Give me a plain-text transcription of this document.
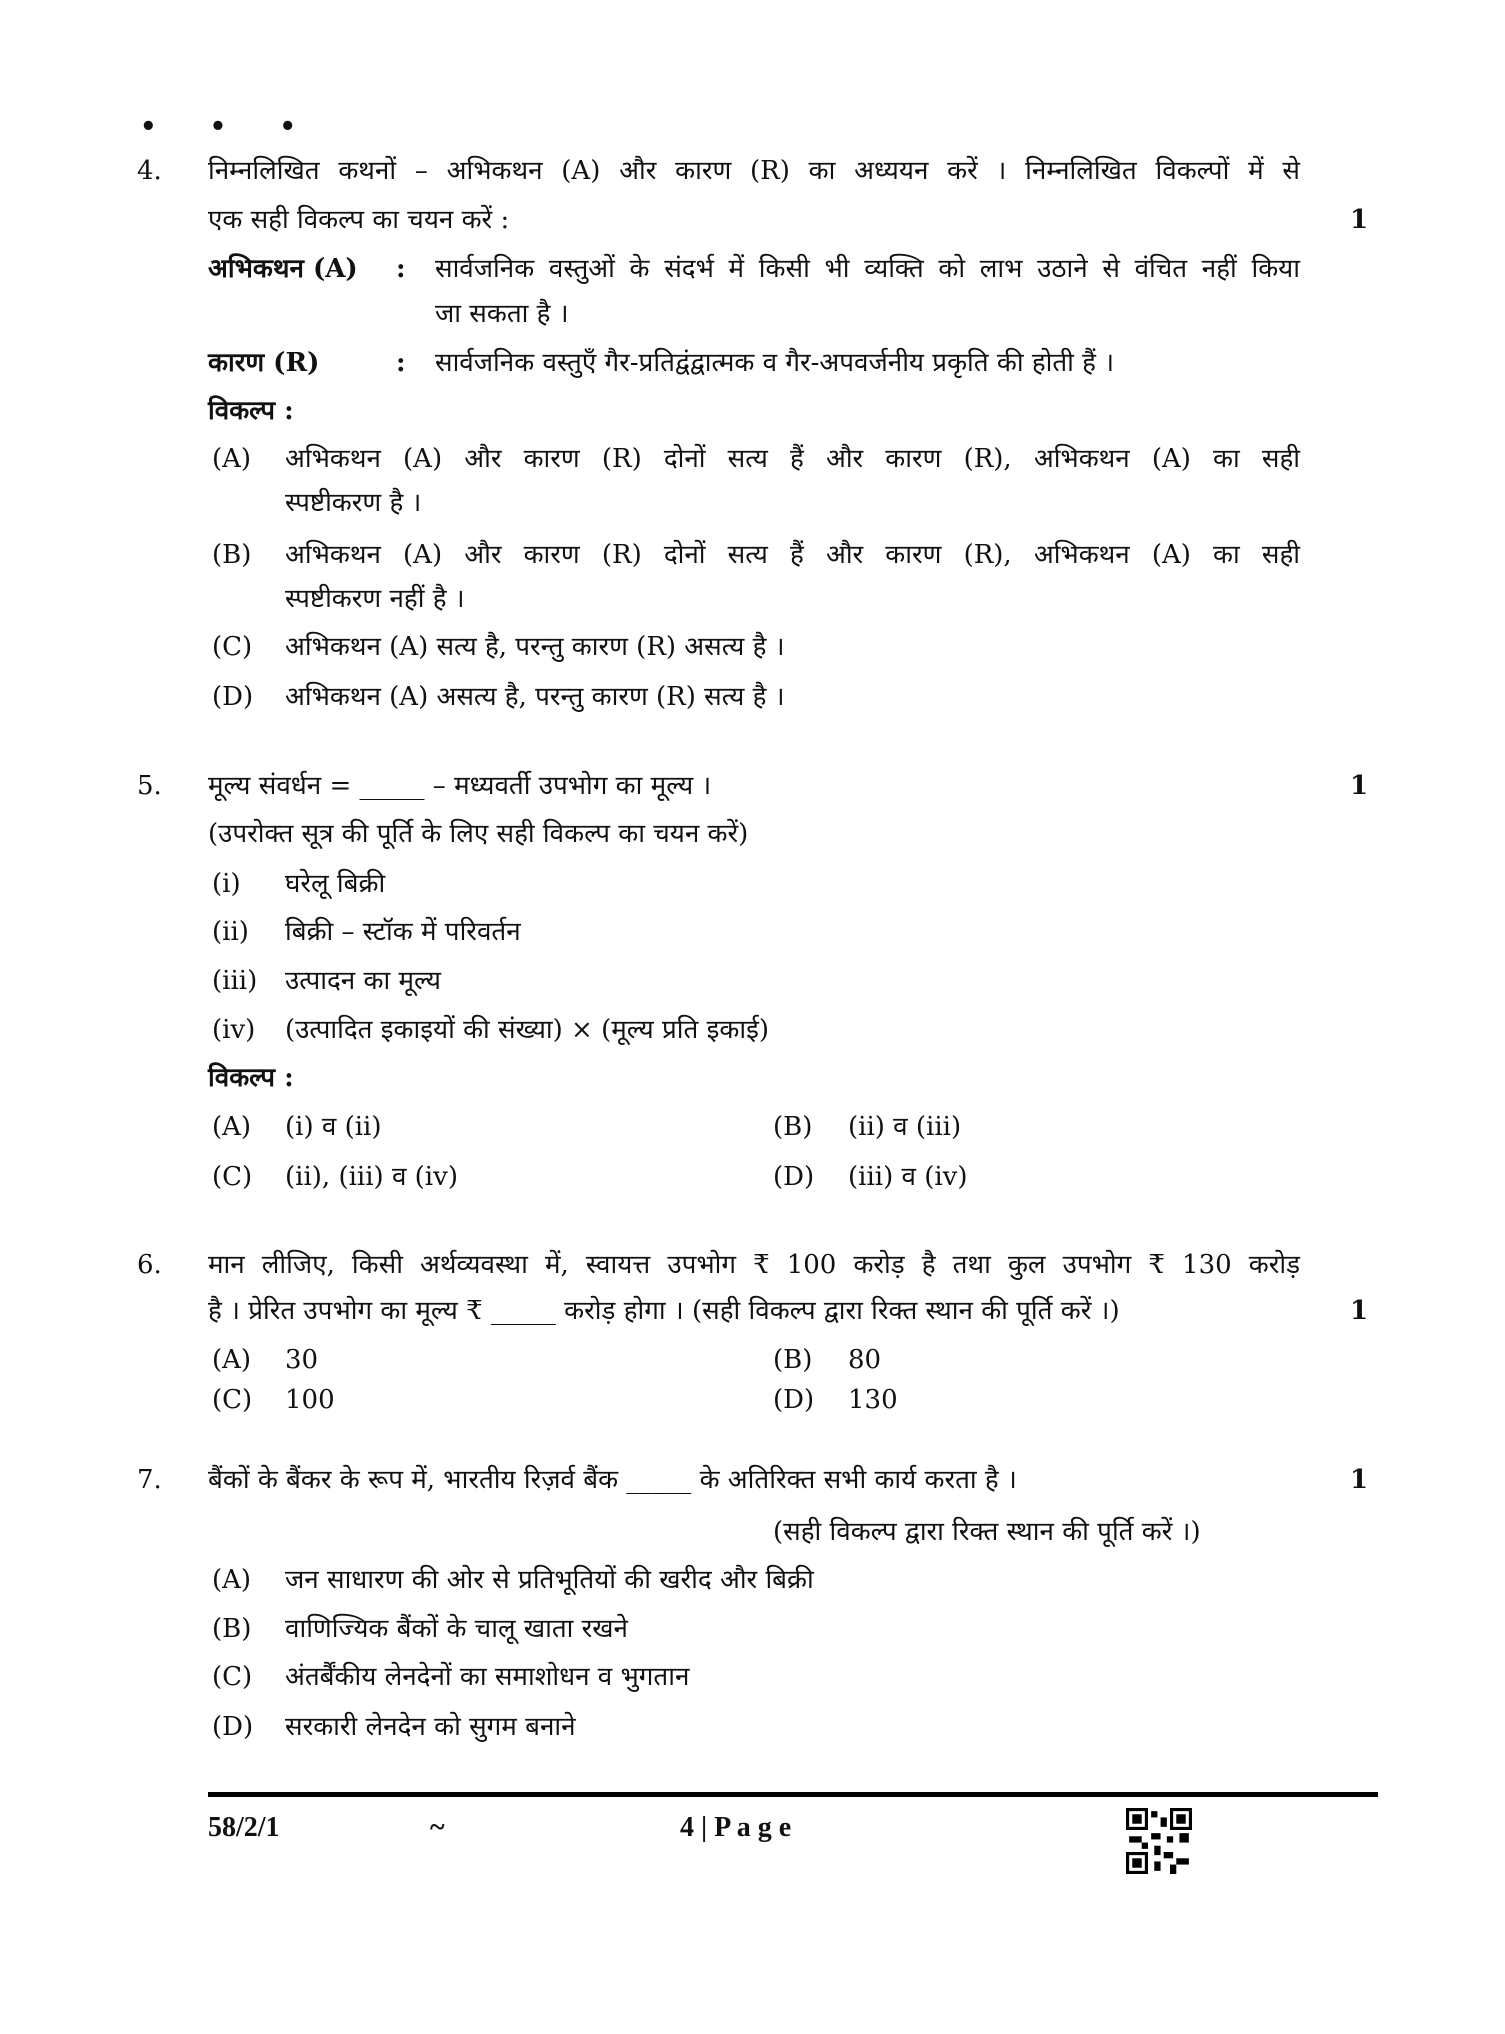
• • •
4. निम्नलिखित कथनों – अभिकथन (A) और कारण (R) का अध्ययन करें । निम्नलिखित विकल्पों में से
एक सही विकल्प का चयन करें :	1
अभिकथन (A) : सार्वजनिक वस्तुओं के संदर्भ में किसी भी व्यक्ति को लाभ उठाने से वंचित नहीं किया
जा सकता है ।
कारण (R)	: सार्वजनिक वस्तुएँ गैर-प्रतिद्वंद्वात्मक व गैर-अपवर्जनीय प्रकृति की होती हैं ।
विकल्प :
(A) अभिकथन (A) और कारण (R) दोनों सत्य हैं और कारण (R), अभिकथन (A) का सही
स्पष्टीकरण है ।
(B) अभिकथन (A) और कारण (R) दोनों सत्य हैं और कारण (R), अभिकथन (A) का सही
स्पष्टीकरण नहीं है ।
(C) अभिकथन (A) सत्य है, परन्तु कारण (R) असत्य है ।
(D) अभिकथन (A) असत्य है, परन्तु कारण (R) सत्य है ।
5. मूल्य संवर्धन = _____ – मध्यवर्ती उपभोग का मूल्य ।	1
(उपरोक्त सूत्र की पूर्ति के लिए सही विकल्प का चयन करें)
(i) घरेलू बिक्री
(ii) बिक्री – स्टॉक में परिवर्तन
(iii) उत्पादन का मूल्य
(iv) (उत्पादित इकाइयों की संख्या) × (मूल्य प्रति इकाई)
विकल्प :
(A) (i) व (ii)	(B) (ii) व (iii)
(C) (ii), (iii) व (iv)	(D) (iii) व (iv)
6. मान लीजिए, किसी अर्थव्यवस्था में, स्वायत्त उपभोग ₹ 100 करोड़ है तथा कुल उपभोग ₹ 130 करोड़
है । प्रेरित उपभोग का मूल्य ₹ _____ करोड़ होगा । (सही विकल्प द्वारा रिक्त स्थान की पूर्ति करें ।)	1
(A) 30	(B) 80
(C) 100	(D) 130
7. बैंकों के बैंकर के रूप में, भारतीय रिज़र्व बैंक _____ के अतिरिक्त सभी कार्य करता है ।	1
(सही विकल्प द्वारा रिक्त स्थान की पूर्ति करें ।)
(A) जन साधारण की ओर से प्रतिभूतियों की खरीद और बिक्री
(B) वाणिज्यिक बैंकों के चालू खाता रखने
(C) अंतर्बैंकीय लेनदेनों का समाशोधन व भुगतान
(D) सरकारी लेनदेन को सुगम बनाने
58/2/1	~	4 | P a g e
